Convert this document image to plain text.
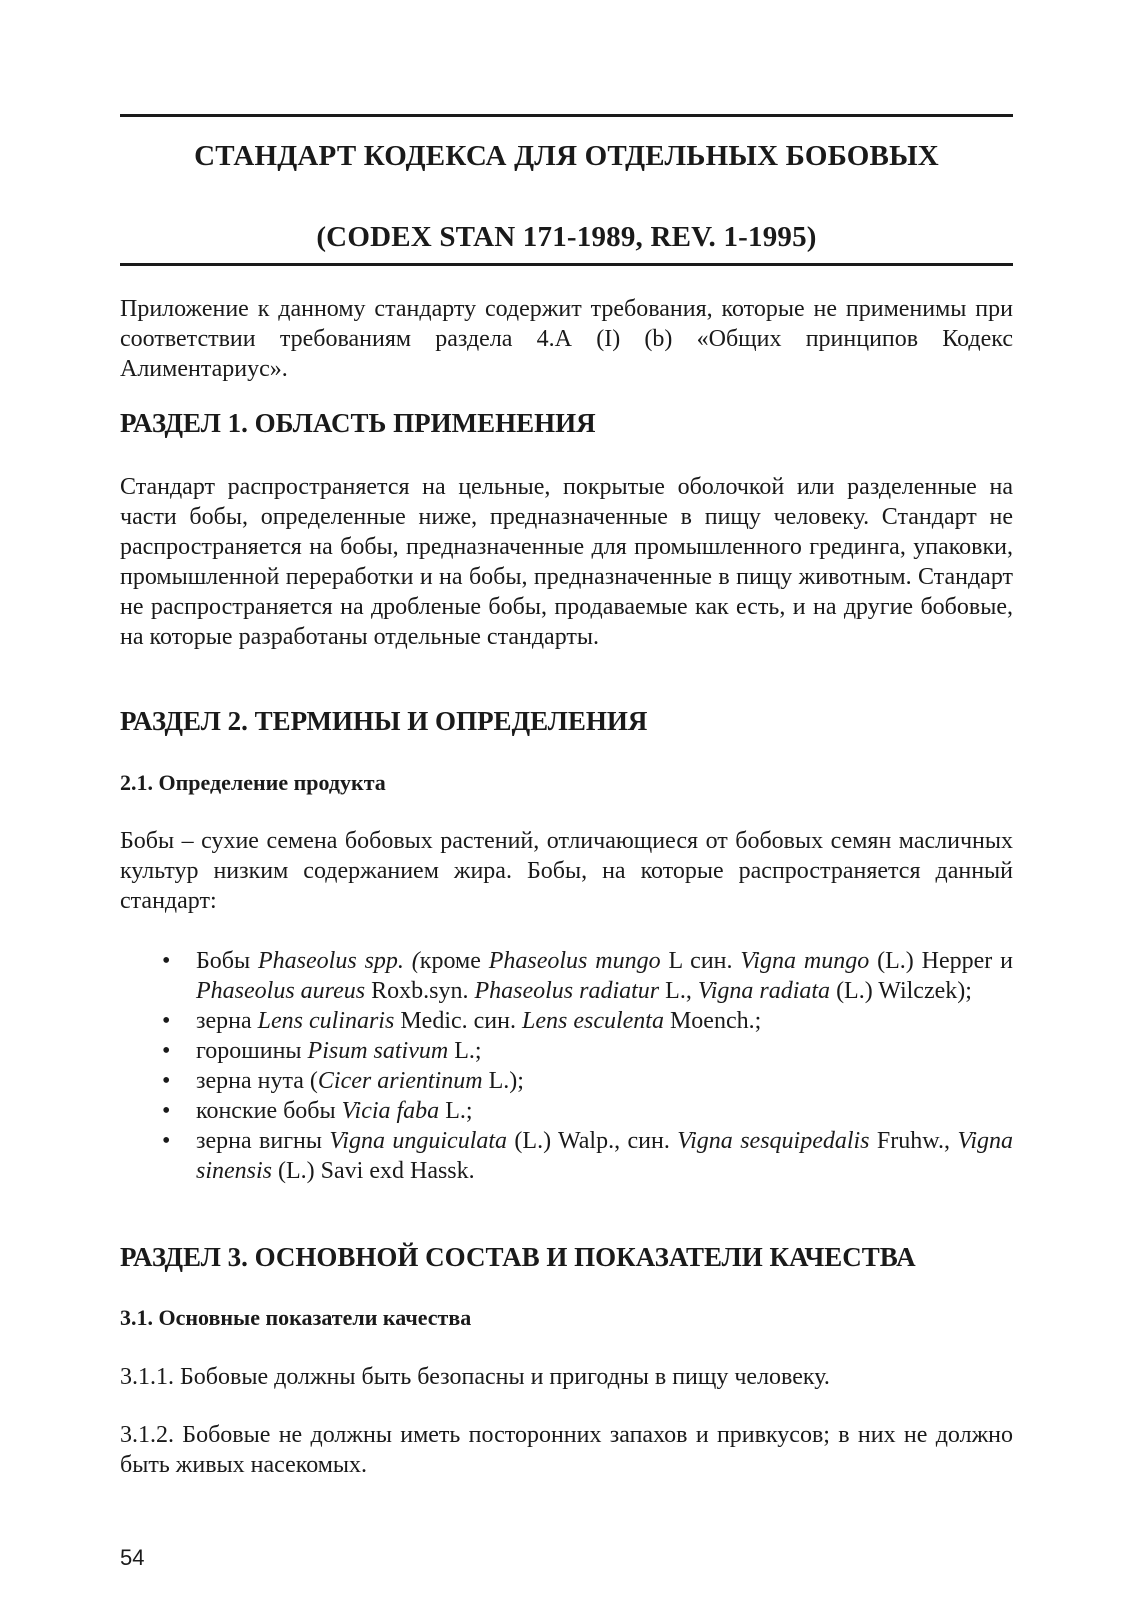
СТАНДАРТ КОДЕКСА ДЛЯ ОТДЕЛЬНЫХ БОБОВЫХ
(CODEX STAN 171-1989, REV. 1-1995)

Приложение к данному стандарту содержит требования, которые не применимы при соответствии требованиям раздела 4.А (I) (b) «Общих принципов Кодекс Алиментариус».

РАЗДЕЛ 1. ОБЛАСТЬ ПРИМЕНЕНИЯ

Стандарт распространяется на цельные, покрытые оболочкой или разделенные на части бобы, определенные ниже, предназначенные в пищу человеку. Стандарт не распространяется на бобы, предназначенные для промышленного грединга, упаковки, промышленной переработки и на бобы, предназначенные в пищу животным. Стандарт не распространяется на дробленые бобы, продаваемые как есть, и на другие бобовые, на которые разработаны отдельные стандарты.

РАЗДЕЛ 2. ТЕРМИНЫ И ОПРЕДЕЛЕНИЯ
2.1. Определение продукта

Бобы – сухие семена бобовых растений, отличающиеся от бобовых семян масличных культур низким содержанием жира. Бобы, на которые распространяется данный стандарт:

• Бобы Phaseolus spp. (кроме Phaseolus mungo L син. Vigna mungo (L.) Hepper и Phaseolus aureus Roxb.syn. Phaseolus radiatur L., Vigna radiata (L.) Wilczek);
• зерна Lens culinaris Medic. син. Lens esculenta Moench.;
• горошины Pisum sativum L.;
• зерна нута (Cicer arientinum L.);
• конские бобы Vicia faba L.;
• зерна вигны Vigna unguiculata (L.) Walp., син. Vigna sesquipedalis Fruhw., Vigna sinensis (L.) Savi exd Hassk.
РАЗДЕЛ 3. ОСНОВНОЙ СОСТАВ И ПОКАЗАТЕЛИ КАЧЕСТВА
3.1. Основные показатели качества

3.1.1. Бобовые должны быть безопасны и пригодны в пищу человеку.

3.1.2. Бобовые не должны иметь посторонних запахов и привкусов; в них не должно быть живых насекомых.

54
